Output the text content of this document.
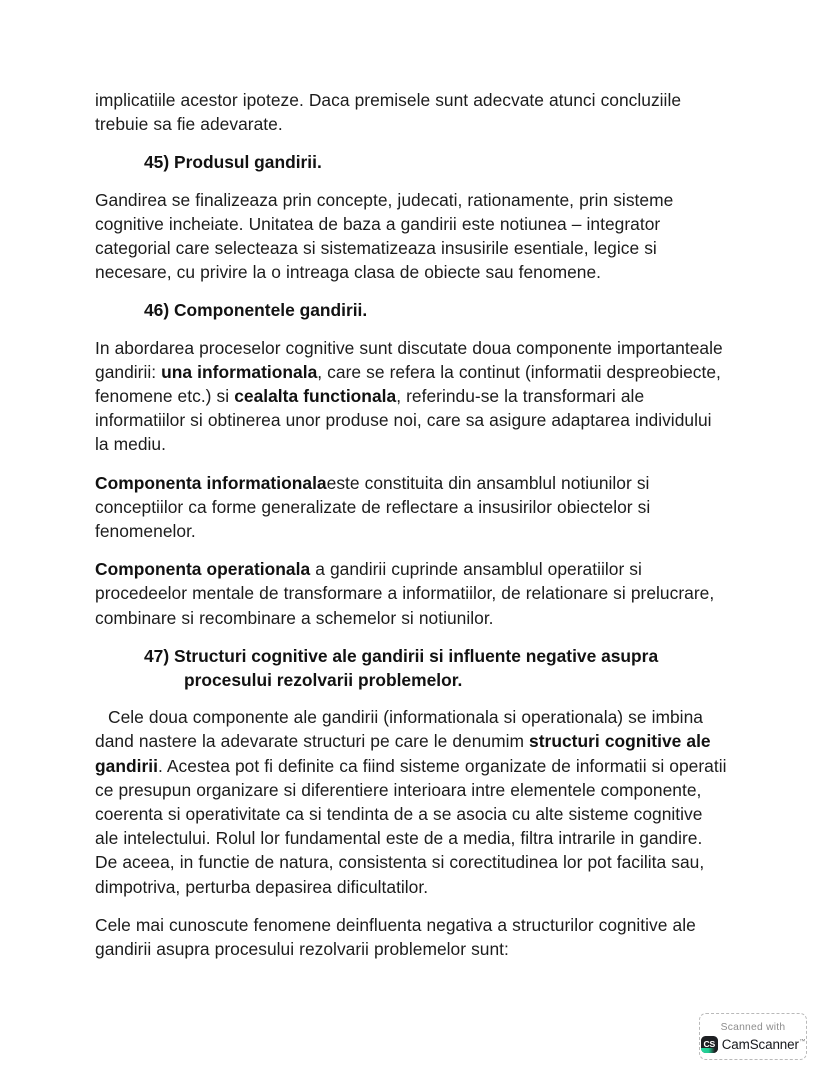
implicatiile acestor ipoteze. Daca premisele sunt adecvate atunci concluziile trebuie sa fie adevarate.

45) Produsul gandirii.

Gandirea se finalizeaza prin concepte, judecati, rationamente, prin sisteme cognitive incheiate. Unitatea de baza a gandirii este notiunea – integrator categorial care selecteaza si sistematizeaza insusirile esentiale, legice si necesare, cu privire la o intreaga clasa de obiecte sau fenomene.

46) Componentele gandirii.

In abordarea proceselor cognitive sunt discutate doua componente importanteale gandirii: una informationala, care se refera la continut (informatii despreobiecte, fenomene etc.) si cealalta functionala, referindu-se la transformari ale informatiilor si obtinerea unor produse noi, care sa asigure adaptarea individului la mediu.

Componenta informationalaeste constituita din ansamblul notiunilor si conceptiilor ca forme generalizate de reflectare a insusirilor obiectelor si fenomenelor.

Componenta operationala a gandirii cuprinde ansamblul operatiilor si procedeelor mentale de transformare a informatiilor, de relationare si prelucrare, combinare si recombinare a schemelor si notiunilor.

47) Structuri cognitive ale gandirii si influente negative asupra
procesului rezolvarii problemelor.

Cele doua componente ale gandirii (informationala si operationala) se imbina dand nastere la adevarate structuri pe care le denumim structuri cognitive ale gandirii. Acestea pot fi definite ca fiind sisteme organizate de informatii si operatii ce presupun organizare si diferentiere interioara intre elementele componente, coerenta si operativitate ca si tendinta de a se asocia cu alte sisteme cognitive ale intelectului. Rolul lor fundamental este de a media, filtra intrarile in gandire. De aceea, in functie de natura, consistenta si corectitudinea lor pot facilita sau, dimpotriva, perturba depasirea dificultatilor.

Cele mai cunoscute fenomene deinfluenta negativa a structurilor cognitive ale gandirii asupra procesului rezolvarii problemelor sunt:

Scanned with
CS CamScanner™
